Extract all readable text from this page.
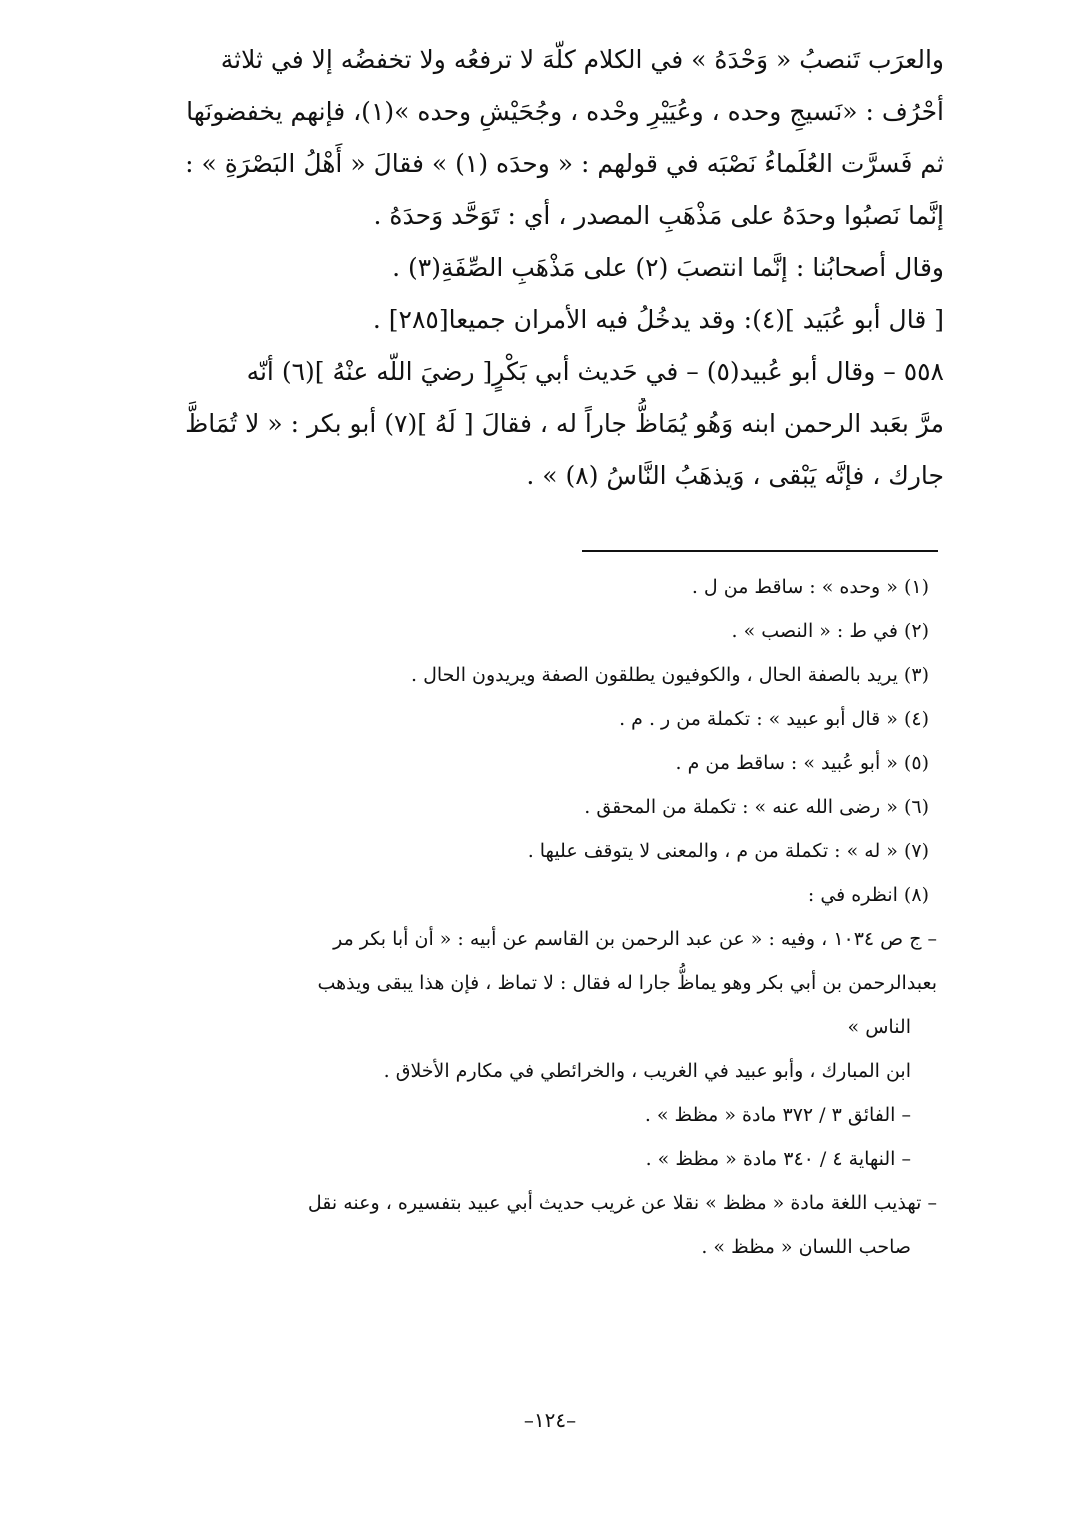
والعرَب تَنصبُ « وَحْدَهُ » في الكلام كلّهَ لا ترفعُه ولا تخفضُه إلا في ثلاثة
أحْرُف : «نَسيجِ وحده ، وعُيَيْرِ وحْده ، وجُحَيْشِ وحده »(١)، فإنهم يخفضونَها
ثم فَسرَّت العُلَماءُ نَصْبَه في قولهم : « وحدَه (١) » فقالَ « أَهْلُ البَصْرَةِ » :
إنَّما نَصبُوا وحدَهُ على مَذْهَبِ المصدر ، أي : تَوَحَّد وَحدَهُ .
وقال أصحابُنا : إنَّما انتصبَ (٢) على مَذْهَبِ الصِّفَةِ(٣) .
[ قال أبو عُبَيد ](٤): وقد يدخُلُ فيه الأمران جميعا[٢٨٥] .
٥٥٨ – وقال أبو عُبيد(٥) – في حَديث أبي بَكْرٍ[ رضيَ اللّه عنْهُ ](٦) أنّه
مرَّ بعَبد الرحمن ابنه وَهُو يُمَاظُّ جاراً له ، فقالَ [ لَهُ ](٧) أبو بكر : « لا تُمَاظَّ
جارك ، فإنَّه يَبْقى ، وَيذهَبُ النَّاسُ (٨) » .
(١) « وحده » : ساقط من ل .
(٢) في ط : « النصب » .
(٣) يريد بالصفة الحال ، والكوفيون يطلقون الصفة ويريدون الحال .
(٤) « قال أبو عبيد » : تكملة من ر . م .
(٥) « أبو عُبيد » : ساقط من م .
(٦) « رضى الله عنه » : تكملة من المحقق .
(٧) « له » : تكملة من م ، والمعنى لا يتوقف عليها .
(٨) انظره في :
– ج ص ١٠٣٤ ، وفيه : « عن عبد الرحمن بن القاسم عن أبيه : « أن أبا بكر مر
بعبدالرحمن بن أبي بكر وهو يماظُّ جارا له فقال : لا تماظ ، فإن هذا يبقى ويذهب
الناس »
ابن المبارك ، وأبو عبيد في الغريب ، والخرائطي في مكارم الأخلاق .
– الفائق ٣ / ٣٧٢ مادة « مظظ » .
– النهاية ٤ / ٣٤٠ مادة « مظظ » .
– تهذيب اللغة مادة « مظظ » نقلا عن غريب حديث أبي عبيد بتفسيره ، وعنه نقل
صاحب اللسان « مظظ » .
–١٢٤–
